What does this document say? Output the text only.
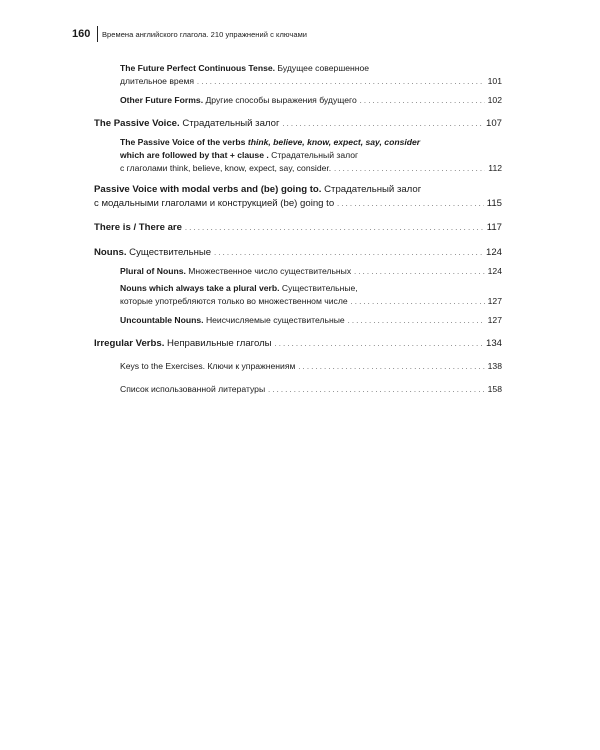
160	Времена английского глагола. 210 упражнений с ключами
The Future Perfect Continuous Tense. Будущее совершенное
длительное время . . .	101
Other Future Forms. Другие способы выражения будущего . . .	102
The Passive Voice. Страдательный залог . . .	107
The Passive Voice of the verbs think, believe, know, expect, say, consider
which are followed by that + clause . Страдательный залог
с глаголами think, believe, know, expect, say, consider. . . .	112
Passive Voice with modal verbs and (be) going to. Страдательный залог
с модальными глаголами и конструкцией (be) going to . . .	115
There is / There are . . .	117
Nouns. Существительные . . .	124
Plural of Nouns. Множественное число существительных . . .	124
Nouns which always take a plural verb. Существительные,
которые употребляются только во множественном числе . . .	127
Uncountable Nouns. Неисчисляемые существительные . . .	127
Irregular Verbs. Неправильные глаголы . . .	134
Keys to the Exercises. Ключи к упражнениям . . .	138
Список использованной литературы . . .	158
